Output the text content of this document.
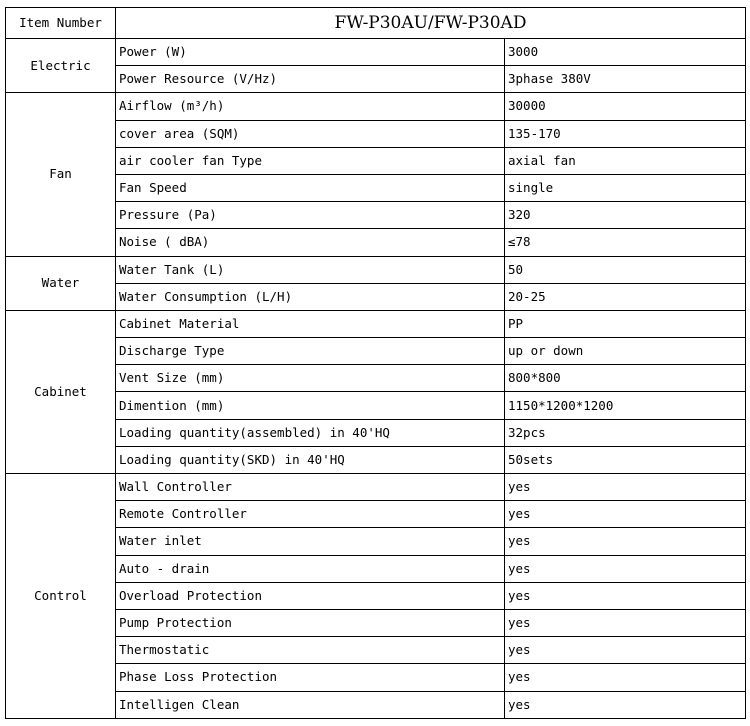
Item Number	FW-P30AU/FW-P30AD	
Electric	Power (W)	3000
	Power Resource (V/Hz)	3phase 380V
Fan	Airflow (m³/h)	30000
	cover area (SQM)	135-170
	air cooler fan Type	axial fan
	Fan Speed	single
	Pressure (Pa)	320
	Noise ( dBA)	≤78
Water	Water Tank (L)	50
	Water Consumption (L/H)	20-25
Cabinet	Cabinet Material	PP
	Discharge Type	up or down
	Vent Size (mm)	800*800
	Dimention (mm)	1150*1200*1200
	Loading quantity(assembled) in 40'HQ	32pcs
	Loading quantity(SKD) in 40'HQ	50sets
Control	Wall Controller	yes
	Remote Controller	yes
	Water inlet	yes
	Auto - drain	yes
	Overload Protection	yes
	Pump Protection	yes
	Thermostatic	yes
	Phase Loss Protection	yes
	Intelligen Clean	yes
